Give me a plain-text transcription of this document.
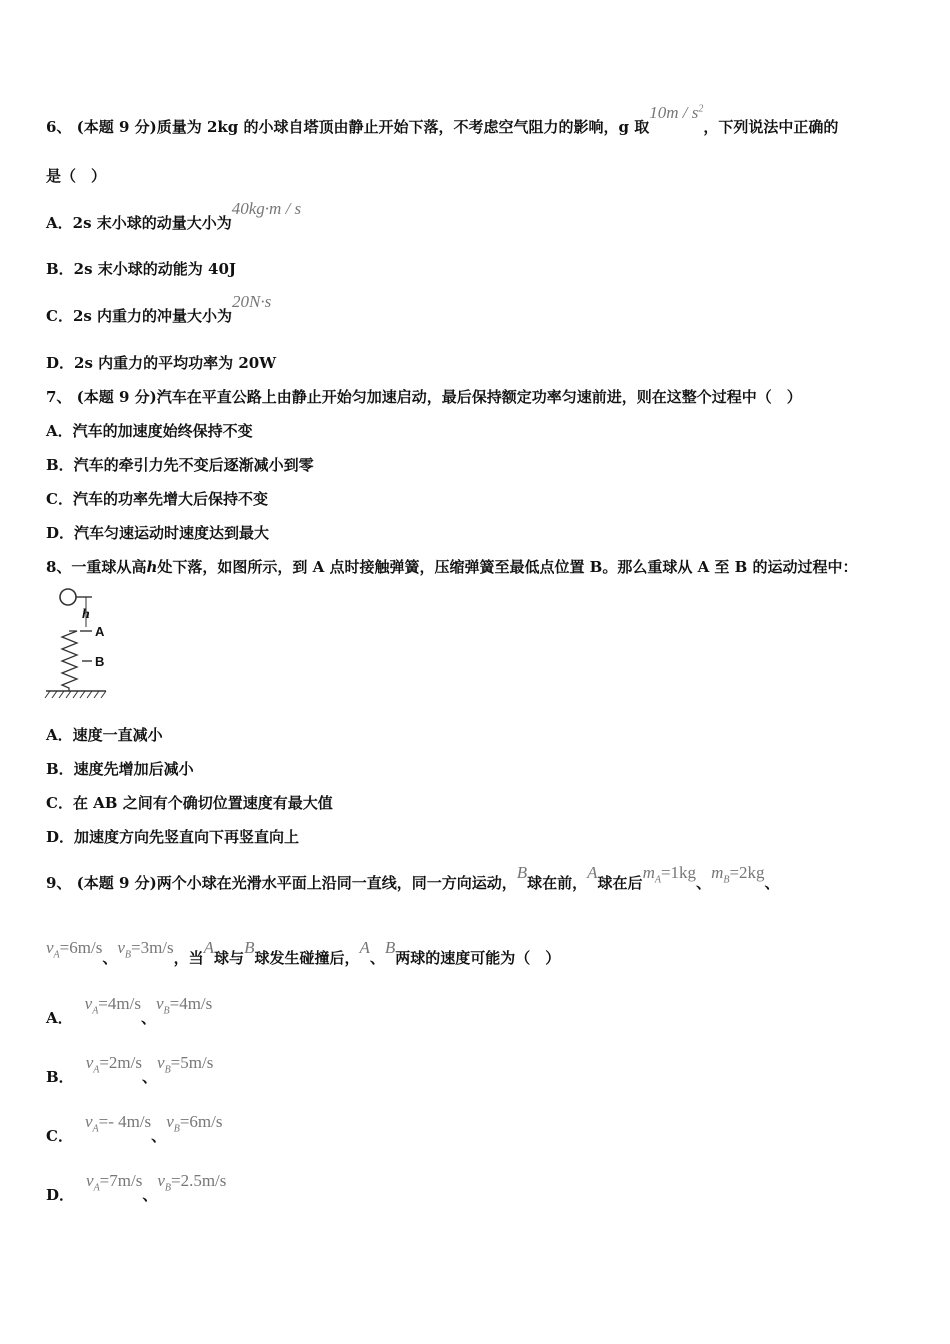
6、 (本题 9 分)质量为 2kg 的小球自塔顶由静止开始下落，不考虑空气阻力的影响，g 取$10m / s^2$，下列说法中正确的
是（　）
A．2s 末小球的动量大小为40kg·m / s
B．2s 末小球的动能为 40J
C．2s 内重力的冲量大小为20N·s
D．2s 内重力的平均功率为 20W
7、 (本题 9 分)汽车在平直公路上由静止开始匀加速启动，最后保持额定功率匀速前进，则在这整个过程中（　）
A．汽车的加速度始终保持不变
B．汽车的牵引力先不变后逐渐减小到零
C．汽车的功率先增大后保持不变
D．汽车匀速运动时速度达到最大
8、一重球从高h处下落，如图所示，到 A 点时接触弹簧，压缩弹簧至最低点位置 B。那么重球从 A 至 B 的运动过程中：
h
A
B
A．速度一直减小
B．速度先增加后减小
C．在 AB 之间有个确切位置速度有最大值
D．加速度方向先竖直向下再竖直向上
9、 (本题 9 分)两个小球在光滑水平面上沿同一直线，同一方向运动，B球在前，A球在后$m_A=1kg$、$m_B=2kg$、
$v_A=6m/s$、$v_B=3m/s$，当A球与B球发生碰撞后，A、B两球的速度可能为（　）
A．$v_A=4m/s$、$v_B=4m/s$
B．$v_A=2m/s$、$v_B=5m/s$
C．$v_A=-$ 4m/s、$v_B=6m/s$
D．$v_A=7m/s$、$v_B=2.5m/s$
